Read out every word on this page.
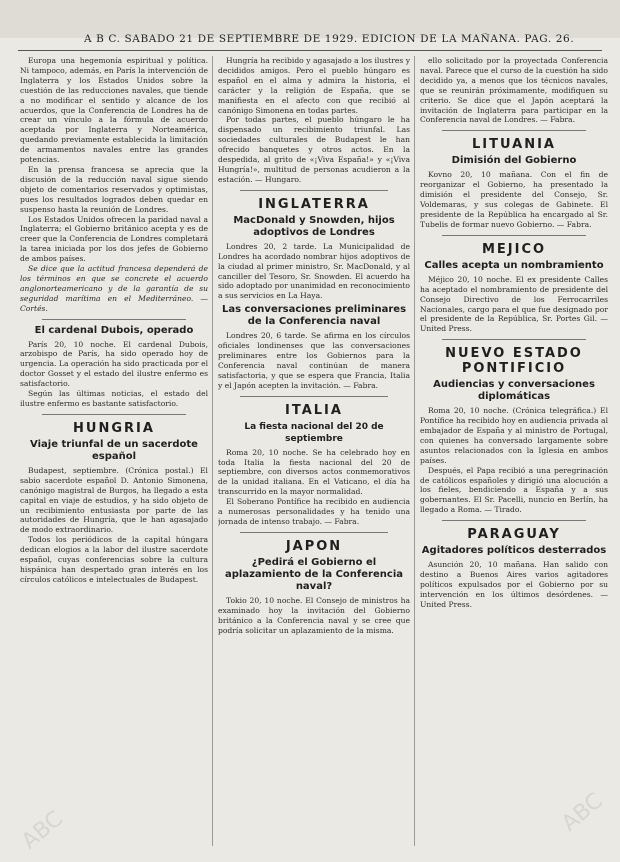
A B C. SABADO 21 DE SEPTIEMBRE DE 1929. EDICION DE LA MAÑANA. PAG. 26.
ABC	ABC

Europa una hegemonía espiritual y política. Ni tampoco, además, en París la intervención de Inglaterra y los Estados Unidos sobre la cuestión de las reducciones navales, que tiende a no modificar el sentido y alcance de los acuerdos, que la Conferencia de Londres ha de crear un vínculo a la fórmula de acuerdo aceptada por Inglaterra y Norteamérica, quedando previamente establecida la limitación de armamentos navales entre las grandes potencias.

En la prensa francesa se aprecia que la discusión de la reducción naval sigue siendo objeto de comentarios reservados y optimistas, pues los resultados logrados deben quedar en suspenso hasta la reunión de Londres.

Los Estados Unidos ofrecen la paridad naval a Inglaterra; el Gobierno británico acepta y es de creer que la Conferencia de Londres completará la tarea iniciada por los dos jefes de Gobierno de ambos países.

Se dice que la actitud francesa dependerá de los términos en que se concrete el acuerdo anglonorteamericano y de la garantía de su seguridad marítima en el Mediterráneo. — Cortés.

El cardenal Dubois, operado

París 20, 10 noche. El cardenal Dubois, arzobispo de París, ha sido operado hoy de urgencia. La operación ha sido practicada por el doctor Gosset y el estado del ilustre enfermo es satisfactorio.

Según las últimas noticias, el estado del ilustre enfermo es bastante satisfactorio.

HUNGRIA
Viaje triunfal de un sacerdote español

Budapest, septiembre. (Crónica postal.) El sabio sacerdote español D. Antonio Simonena, canónigo magistral de Burgos, ha llegado a esta capital en viaje de estudios, y ha sido objeto de un recibimiento entusiasta por parte de las autoridades de Hungría, que le han agasajado de modo extraordinario.

Todos los periódicos de la capital húngara dedican elogios a la labor del ilustre sacerdote español, cuyas conferencias sobre la cultura hispánica han despertado gran interés en los círculos católicos e intelectuales de Budapest.

Hungría ha recibido y agasajado a los ilustres y decididos amigos. Pero el pueblo húngaro es español en el alma y admira la historia, el carácter y la religión de España, que se manifiesta en el afecto con que recibió al canónigo Simonena en todas partes.

Por todas partes, el pueblo húngaro le ha dispensado un recibimiento triunfal. Las sociedades culturales de Budapest le han ofrecido banquetes y otros actos. En la despedida, al grito de «¡Viva España!» y «¡Viva Hungría!», multitud de personas acudieron a la estación. — Hungaro.

INGLATERRA
MacDonald y Snowden, hijos adoptivos de Londres

Londres 20, 2 tarde. La Municipalidad de Londres ha acordado nombrar hijos adoptivos de la ciudad al primer ministro, Sr. MacDonald, y al canciller del Tesoro, Sr. Snowden. El acuerdo ha sido adoptado por unanimidad en reconocimiento a sus servicios en La Haya.

Las conversaciones preliminares de la Conferencia naval

Londres 20, 6 tarde. Se afirma en los círculos oficiales londinenses que las conversaciones preliminares entre los Gobiernos para la Conferencia naval continúan de manera satisfactoria, y que se espera que Francia, Italia y el Japón acepten la invitación. — Fabra.

ITALIA
La fiesta nacional del 20 de septiembre

Roma 20, 10 noche. Se ha celebrado hoy en toda Italia la fiesta nacional del 20 de septiembre, con diversos actos conmemorativos de la unidad italiana. En el Vaticano, el día ha transcurrido en la mayor normalidad.

El Soberano Pontífice ha recibido en audiencia a numerosas personalidades y ha tenido una jornada de intenso trabajo. — Fabra.

JAPON
¿Pedirá el Gobierno el aplazamiento de la Conferencia naval?

Tokio 20, 10 noche. El Consejo de ministros ha examinado hoy la invitación del Gobierno británico a la Conferencia naval y se cree que podría solicitar un aplazamiento de la misma.

ello solicitado por la proyectada Conferencia naval. Parece que el curso de la cuestión ha sido decidido ya, a menos que los técnicos navales, que se reunirán próximamente, modifiquen su criterio. Se dice que el Japón aceptará la invitación de Inglaterra para participar en la Conferencia naval de Londres. — Fabra.

LITUANIA
Dimisión del Gobierno

Kovno 20, 10 mañana. Con el fin de reorganizar el Gobierno, ha presentado la dimisión el presidente del Consejo, Sr. Voldemaras, y sus colegas de Gabinete. El presidente de la República ha encargado al Sr. Tubelis de formar nuevo Gobierno. — Fabra.

MEJICO
Calles acepta un nombramiento

Méjico 20, 10 noche. El ex presidente Calles ha aceptado el nombramiento de presidente del Consejo Directivo de los Ferrocarriles Nacionales, cargo para el que fue designado por el presidente de la República, Sr. Portes Gil. — United Press.

NUEVO ESTADO PONTIFICIO
Audiencias y conversaciones diplomáticas

Roma 20, 10 noche. (Crónica telegráfica.) El Pontífice ha recibido hoy en audiencia privada al embajador de España y al ministro de Portugal, con quienes ha conversado largamente sobre asuntos relacionados con la Iglesia en ambos países.

Después, el Papa recibió a una peregrinación de católicos españoles y dirigió una alocución a los fieles, bendiciendo a España y a sus gobernantes. El Sr. Pacelli, nuncio en Berlín, ha llegado a Roma. — Tirado.

PARAGUAY
Agitadores políticos desterrados

Asunción 20, 10 mañana. Han salido con destino a Buenos Aires varios agitadores políticos expulsados por el Gobierno por su intervención en los últimos desórdenes. — United Press.
